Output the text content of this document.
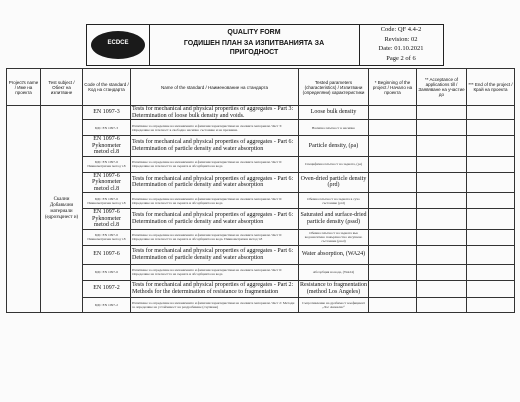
ECDCE
QUALITY FORM
ГОДИШЕН ПЛАН ЗА ИЗПИТВАНИЯТА ЗА ПРИГОДНОСТ
Code: QF 4.4-2
Revision: 02
Date: 01.10.2021
Page 2 of 6
Project's name / Име на проекта	Test subject / Обект на изпитване	Code of the standard / Код на стандарта	Name of the standard / Наименование на стандарта	Tested parameters (characteristics) / Изпитвани (определяни) характеристики	* Beginning of the project / Начало на проекта	** Acceptance of applications till / Заявяване на участие до	*** End of the project / Край на проекта
	Скални Добавъчни материали (едрозърнест и)	EN 1097-3	Tests for mechanical and physical properties of aggregates - Part 3: Determination of loose bulk density and voids.	Loose bulk density			
		БДС EN 1097-3	Изпитване за определяне на механичните и физични характеристики на скалните материали. Част 3: Определяне на плътност в свободно насипно състояние и на празнини.	Насипна плътност в насипно			
		EN 1097-6 Pyknometer metod cl.8	Tests for mechanical and physical properties of aggregates - Part 6: Determination of particle density and water absorption	Particle density, (ρa)			
		БДС EN 1097-6 Пикнометричен метод т.8	Изпитване за определяне на механичните и физични характеристики на скалните материали. Част 6: Определяне на плътността на зърната и абсорбцията на вода	Специфична плътност на зърната, (ρa)			
		EN 1097-6 Pyknometer metod cl.8	Tests for mechanical and physical properties of aggregates - Part 6: Determination of particle density and water absorption	Oven-dried particle density (ρrd)			
		БДС EN 1097-6 Пикнометричен метод т.8	Изпитване за определяне на механичните и физични характеристики на скалните материали. Част 6: Определяне на плътността на зърната и абсорбцията на вода	Обемна плътност на зърната в сухо състояние (ρrd)			
		EN 1097-6 Pyknometer metod cl.8	Tests for mechanical and physical properties of aggregates - Part 6: Determination of particle density and water absorption	Saturated and surface-dried particle density (ρssd)			
		БДС EN 1097-6 Пикнометричен метод т.8	Изпитване за определяне на механичните и физични характеристики на скалните материали. Част 6: Определяне на плътността на зърната и абсорбцията на вода. Пикнометричен метод т.8	Обемна плътност на зърната във водонаситено повърхностно изсушено състояние (ρssd)			
		EN 1097-6	Tests for mechanical and physical properties of aggregates - Part 6: Determination of particle density and water absorption	Water absorption, (WA24)			
		БДС EN 1097-6	Изпитване за определяне на механичните и физични характеристики на скалните материали. Част 6: Определяне на плътността на зърната и абсорбцията на вода	Абсорбция на вода, (WA24)			
		EN 1097-2	Tests for mechanical and physical properties of aggregates - Part 2: Methods for the determination of resistance to fragmentation	Resistance to fragmentation (method Los Angeles)			
		БДС EN 1097-2	Изпитване за определяне на механичните и физични характеристики на скалните материали. Част 2: Методи за определяне на устойчивост на раздробяване (счупване)	Съпротивление на дробимост коефициент „Лос Анжелис“			
